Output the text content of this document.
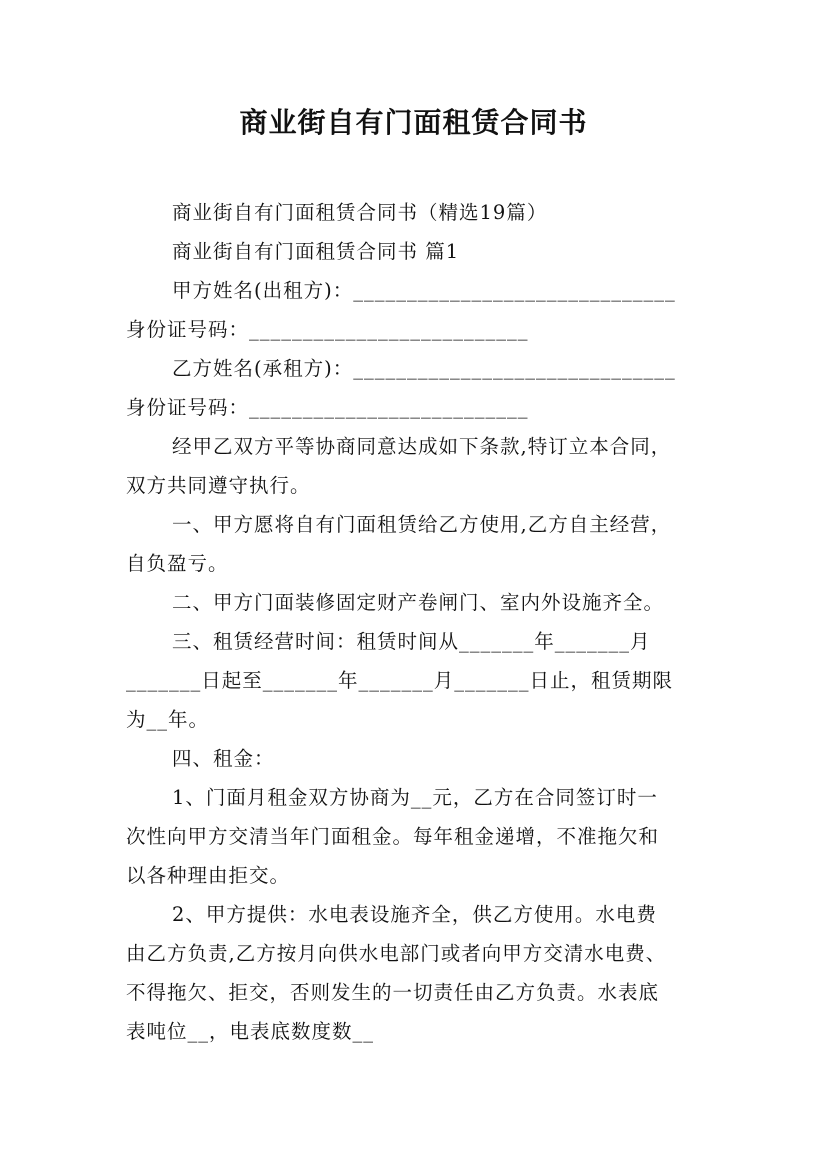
商业街自有门面租赁合同书

商业街自有门面租赁合同书（精选19篇）

商业街自有门面租赁合同书 篇1

甲方姓名(出租方)：______________________________

身份证号码：__________________________

乙方姓名(承租方)：______________________________

身份证号码：__________________________

经甲乙双方平等协商同意达成如下条款,特订立本合同，

双方共同遵守执行。

一、甲方愿将自有门面租赁给乙方使用,乙方自主经营，

自负盈亏。

二、甲方门面装修固定财产卷闸门、室内外设施齐全。

三、租赁经营时间：租赁时间从_______年_______月

_______日起至_______年_______月_______日止，租赁期限

为__年。

四、租金：

1、门面月租金双方协商为__元，乙方在合同签订时一

次性向甲方交清当年门面租金。每年租金递增，不准拖欠和

以各种理由拒交。

2、甲方提供：水电表设施齐全，供乙方使用。水电费

由乙方负责,乙方按月向供水电部门或者向甲方交清水电费、

不得拖欠、拒交，否则发生的一切责任由乙方负责。水表底

表吨位__，电表底数度数__
